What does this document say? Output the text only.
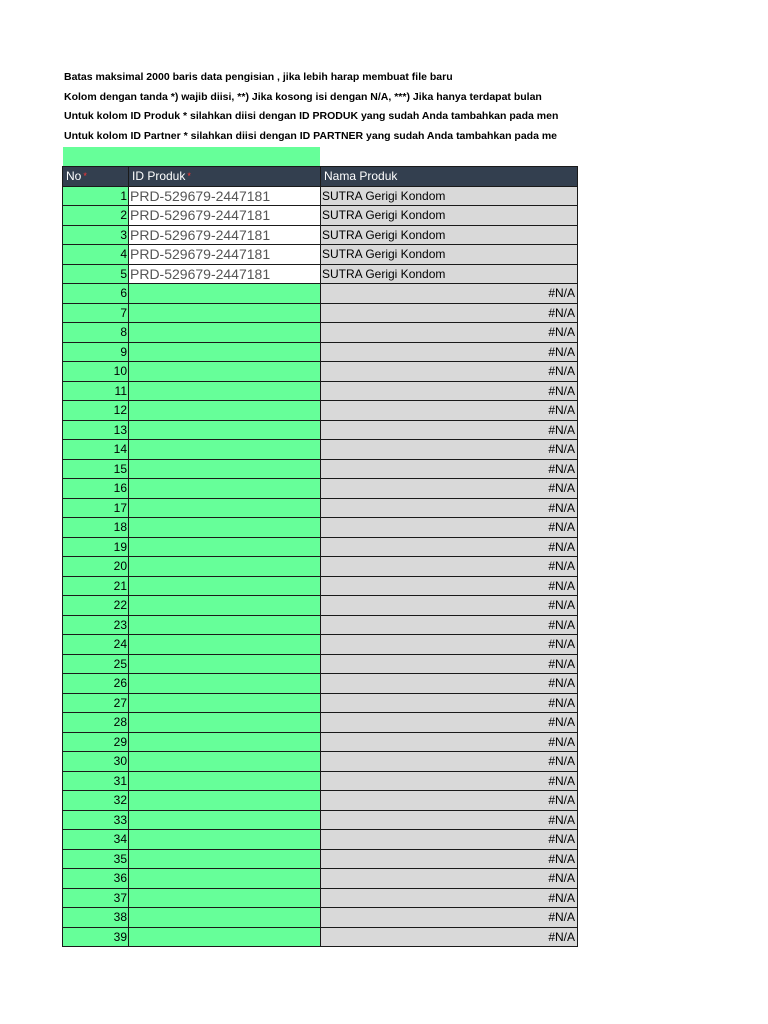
Batas maksimal 2000 baris data pengisian , jika lebih harap membuat file baru
Kolom dengan tanda *) wajib diisi, **) Jika kosong isi dengan N/A, ***) Jika hanya terdapat bulan
Untuk kolom ID Produk * silahkan diisi dengan ID PRODUK yang sudah Anda tambahkan pada men
Untuk kolom ID Partner * silahkan diisi dengan ID PARTNER yang sudah Anda tambahkan pada me
No *	ID Produk *	Nama Produk
1	PRD-529679-2447181	SUTRA Gerigi Kondom
2	PRD-529679-2447181	SUTRA Gerigi Kondom
3	PRD-529679-2447181	SUTRA Gerigi Kondom
4	PRD-529679-2447181	SUTRA Gerigi Kondom
5	PRD-529679-2447181	SUTRA Gerigi Kondom
6		#N/A
7		#N/A
8		#N/A
9		#N/A
10		#N/A
11		#N/A
12		#N/A
13		#N/A
14		#N/A
15		#N/A
16		#N/A
17		#N/A
18		#N/A
19		#N/A
20		#N/A
21		#N/A
22		#N/A
23		#N/A
24		#N/A
25		#N/A
26		#N/A
27		#N/A
28		#N/A
29		#N/A
30		#N/A
31		#N/A
32		#N/A
33		#N/A
34		#N/A
35		#N/A
36		#N/A
37		#N/A
38		#N/A
39		#N/A
